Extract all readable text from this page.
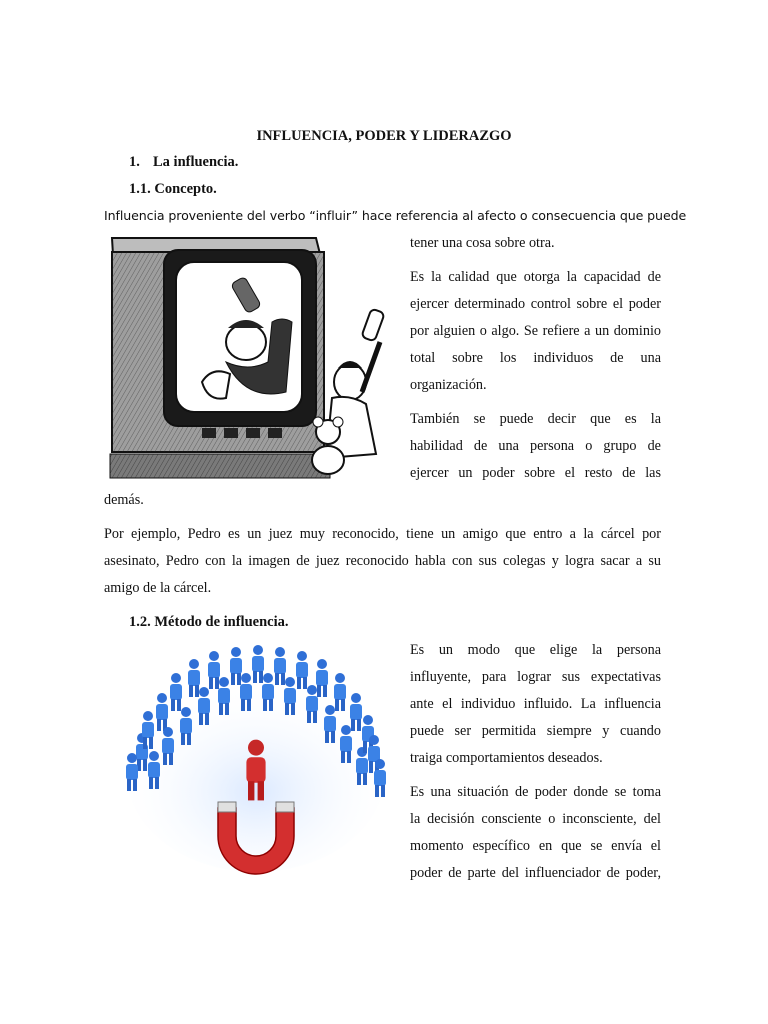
INFLUENCIA, PODER Y LIDERAZGO
1. La influencia.
1.1. Concepto.
Influencia proveniente del verbo “influir” hace referencia al afecto o consecuencia que puede
tener una cosa sobre otra.
Es la calidad que otorga la capacidad de
ejercer determinado control sobre el poder
por alguien o algo. Se refiere a un dominio
total sobre los individuos de una
organización.
También se puede decir que es la
habilidad de una persona o grupo de
ejercer un poder sobre el resto de las
demás.
Por ejemplo, Pedro es un juez muy reconocido, tiene un amigo que entro a la cárcel por
asesinato, Pedro con la imagen de juez reconocido habla con sus colegas y logra sacar a su
amigo de la cárcel.
1.2. Método de influencia.
Es un modo que elige la persona
influyente, para lograr sus expectativas
ante el individuo influido. La influencia
puede ser permitida siempre y cuando
traiga comportamientos deseados.
Es una situación de poder donde se toma
la decisión consciente o inconsciente, del
momento específico en que se envía el
poder de parte del influenciador de poder,
